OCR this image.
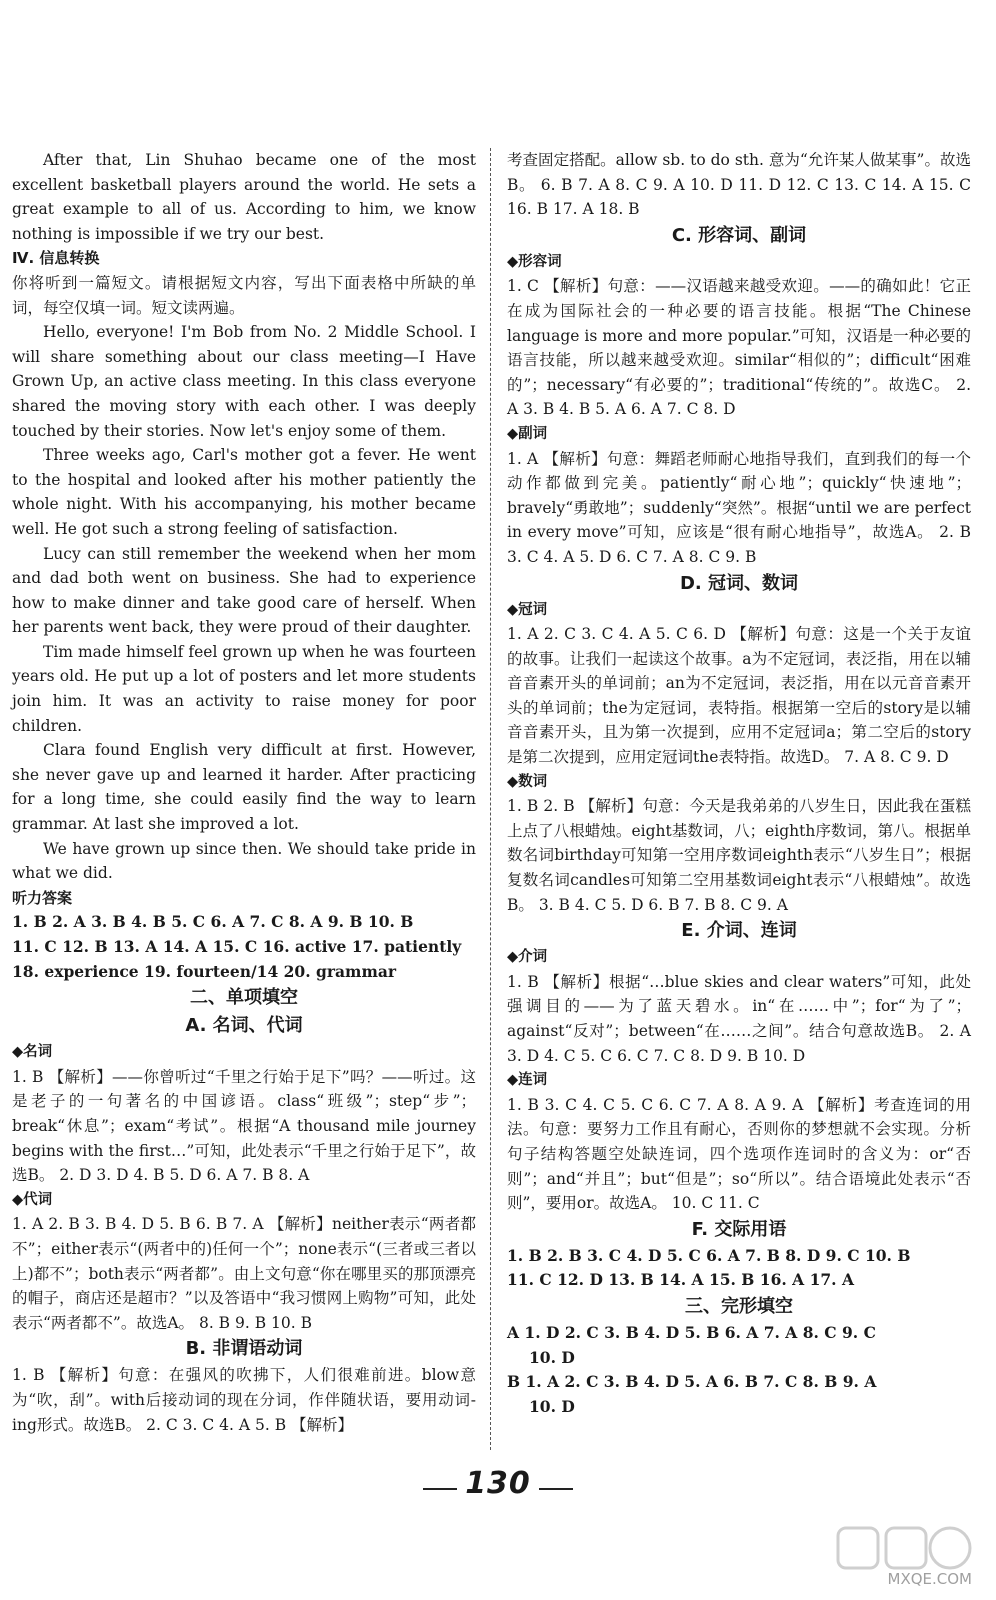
After that, Lin Shuhao became one of the most excellent basketball players around the world. He sets a great example to all of us. According to him, we know nothing is impossible if we try our best.

Ⅳ. 信息转换

你将听到一篇短文。请根据短文内容，写出下面表格中所缺的单词，每空仅填一词。短文读两遍。

Hello, everyone! I'm Bob from No. 2 Middle School. I will share something about our class meeting—I Have Grown Up, an active class meeting. In this class everyone shared the moving story with each other. I was deeply touched by their stories. Now let's enjoy some of them.

Three weeks ago, Carl's mother got a fever. He went to the hospital and looked after his mother patiently the whole night. With his accompanying, his mother became well. He got such a strong feeling of satisfaction.

Lucy can still remember the weekend when her mom and dad both went on business. She had to experience how to make dinner and take good care of herself. When her parents went back, they were proud of their daughter.

Tim made himself feel grown up when he was fourteen years old. He put up a lot of posters and let more students join him. It was an activity to raise money for poor children.

Clara found English very difficult at first. However, she never gave up and learned it harder. After practicing for a long time, she could easily find the way to learn grammar. At last she improved a lot.

We have grown up since then. We should take pride in what we did.

听力答案

1. B 2. A 3. B 4. B 5. C 6. A 7. C 8. A 9. B 10. B

11. C 12. B 13. A 14. A 15. C 16. active 17. patiently

18. experience 19. fourteen/14 20. grammar

二、单项填空
A. 名词、代词
◆名词

1. B 【解析】——你曾听过“千里之行始于足下”吗？——听过。这是老子的一句著名的中国谚语。class“班级”；step“步”；break“休息”；exam“考试”。根据“A thousand mile journey begins with the first…”可知，此处表示“千里之行始于足下”，故选B。 2. D 3. D 4. B 5. D 6. A 7. B 8. A

◆代词

1. A 2. B 3. B 4. D 5. B 6. B 7. A 【解析】neither表示“两者都不”；either表示“(两者中的)任何一个”；none表示“(三者或三者以上)都不”；both表示“两者都”。由上文句意“你在哪里买的那顶漂亮的帽子，商店还是超市？”以及答语中“我习惯网上购物”可知，此处表示“两者都不”。故选A。 8. B 9. B 10. B

B. 非谓语动词

1. B 【解析】句意：在强风的吹拂下，人们很难前进。blow意为“吹，刮”。with后接动词的现在分词，作伴随状语，要用动词-ing形式。故选B。 2. C 3. C 4. A 5. B 【解析】

考查固定搭配。allow sb. to do sth. 意为“允许某人做某事”。故选B。 6. B 7. A 8. C 9. A 10. D 11. D 12. C 13. C 14. A 15. C 16. B 17. A 18. B

C. 形容词、副词
◆形容词

1. C 【解析】句意：——汉语越来越受欢迎。——的确如此！它正在成为国际社会的一种必要的语言技能。根据“The Chinese language is more and more popular.”可知，汉语是一种必要的语言技能，所以越来越受欢迎。similar“相似的”；difficult“困难的”；necessary“有必要的”；traditional“传统的”。故选C。 2. A 3. B 4. B 5. A 6. A 7. C 8. D

◆副词

1. A 【解析】句意：舞蹈老师耐心地指导我们，直到我们的每一个动作都做到完美。patiently“耐心地”；quickly“快速地”；bravely“勇敢地”；suddenly“突然”。根据“until we are perfect in every move”可知，应该是“很有耐心地指导”，故选A。 2. B 3. C 4. A 5. D 6. C 7. A 8. C 9. B

D. 冠词、数词
◆冠词

1. A 2. C 3. C 4. A 5. C 6. D 【解析】句意：这是一个关于友谊的故事。让我们一起读这个故事。a为不定冠词，表泛指，用在以辅音音素开头的单词前；an为不定冠词，表泛指，用在以元音音素开头的单词前；the为定冠词，表特指。根据第一空后的story是以辅音音素开头，且为第一次提到，应用不定冠词a；第二空后的story是第二次提到，应用定冠词the表特指。故选D。 7. A 8. C 9. D

◆数词

1. B 2. B 【解析】句意：今天是我弟弟的八岁生日，因此我在蛋糕上点了八根蜡烛。eight基数词，八；eighth序数词，第八。根据单数名词birthday可知第一空用序数词eighth表示“八岁生日”；根据复数名词candles可知第二空用基数词eight表示“八根蜡烛”。故选B。 3. B 4. C 5. D 6. B 7. B 8. C 9. A

E. 介词、连词
◆介词

1. B 【解析】根据“…blue skies and clear waters”可知，此处强调目的——为了蓝天碧水。in“在……中”；for“为了”；against“反对”；between“在……之间”。结合句意故选B。 2. A 3. D 4. C 5. C 6. C 7. C 8. D 9. B 10. D

◆连词

1. B 3. C 4. C 5. C 6. C 7. A 8. A 9. A 【解析】考查连词的用法。句意：要努力工作且有耐心，否则你的梦想就不会实现。分析句子结构答题空处缺连词，四个选项作连词时的含义为：or“否则”；and“并且”；but“但是”；so“所以”。结合语境此处表示“否则”，要用or。故选A。 10. C 11. C

F. 交际用语

1. B 2. B 3. C 4. D 5. C 6. A 7. B 8. D 9. C 10. B

11. C 12. D 13. B 14. A 15. B 16. A 17. A

三、完形填空

A 1. D 2. C 3. B 4. D 5. B 6. A 7. A 8. C 9. C

10. D

B 1. A 2. C 3. B 4. D 5. A 6. B 7. C 8. B 9. A

10. D

130
MXQE.COM
